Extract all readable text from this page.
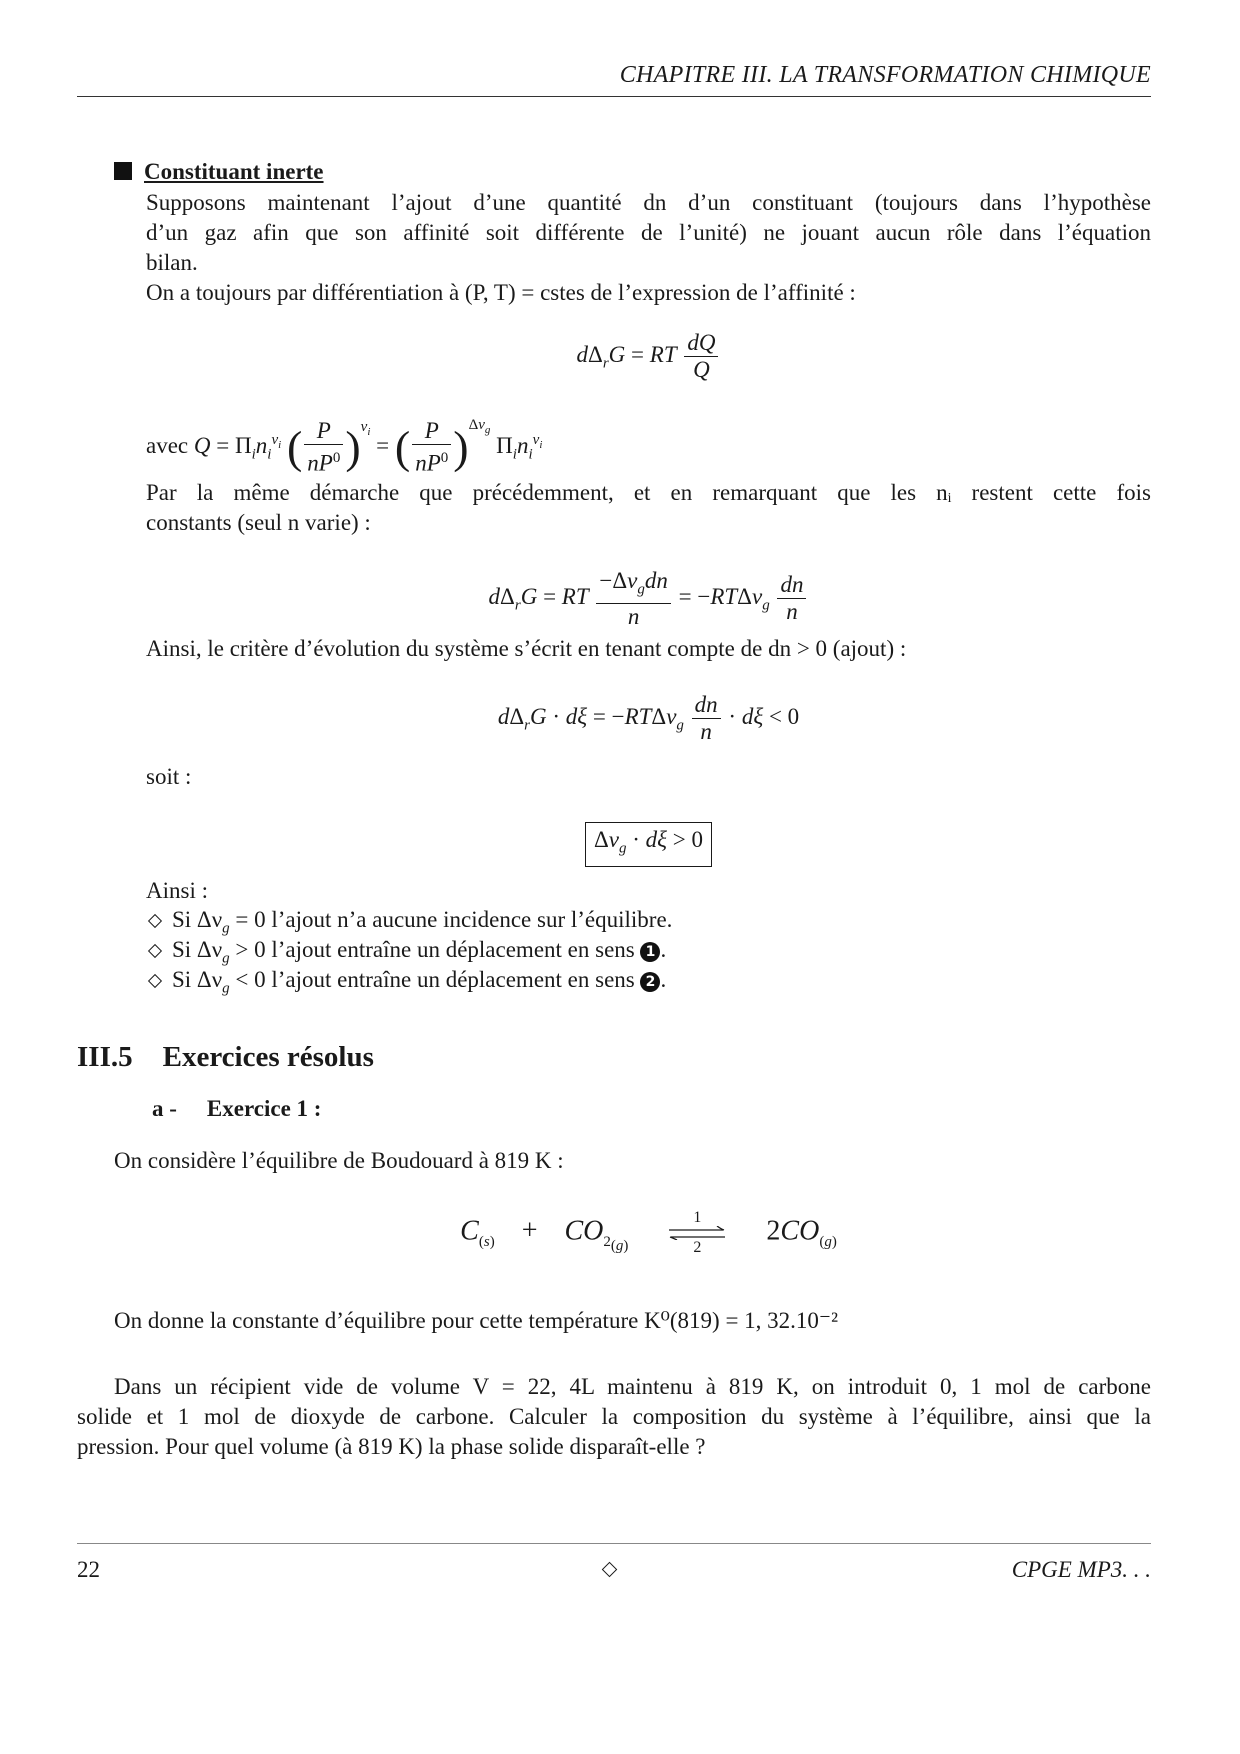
CHAPITRE III. LA TRANSFORMATION CHIMIQUE
Constituant inerte
Supposons maintenant l’ajout d’une quantité dn d’un constituant (toujours dans l’hypothèse
d’un gaz afin que son affinité soit différente de l’unité) ne jouant aucun rôle dans l’équation
bilan.
On a toujours par différentiation à (P, T) = cstes de l’expression de l’affinité :
$d\Delta_rG$ = RT $\frac{dQ}{Q}$
avec $Q = \Pi_in_i^{\nu_i}$ ( $\frac{P}{nP^0} )^{\nu_i}$ = ( $\frac{P}{nP^0} )^{\Delta\nu_g}$ $\Pi_in_i^{\nu_i}$
Par la même démarche que précédemment, et en remarquant que les nᵢ restent cette fois
constants (seul n varie) :
$d\Delta_rG$ = RT $\frac{-\Delta\nu_gdn}{n} = -RT\Delta\nu_g \frac{dn}{n}$
Ainsi, le critère d’évolution du système s’écrit en tenant compte de dn > 0 (ajout) :
$d\Delta_rG \cdot d\xi = -RT\Delta\nu_g \frac{dn}{n} \cdot d\xi < 0$
soit :
$\Delta\nu_g \cdot d\xi > 0$
Ainsi :
Si $\Delta\nu_g = 0$ l’ajout n’a aucune incidence sur l’équilibre.
Si $\Delta\nu_g > 0$ l’ajout entraîne un déplacement en sens 1 .
Si $\Delta\nu_g < 0$ l’ajout entraîne un déplacement en sens 2 .
III.5 Exercices résolus
a - Exercice 1 :
On considère l’équilibre de Boudouard à 819 K :
$C_{(s)} + CO_{2_{(g)}}$ 1
2 $2CO_{(g)}$
On donne la constante d’équilibre pour cette température K⁰(819) = 1, 32.10⁻²
Dans un récipient vide de volume V = 22, 4L maintenu à 819 K, on introduit 0, 1 mol de carbone
solide et 1 mol de dioxyde de carbone. Calculer la composition du système à l’équilibre, ainsi que la
pression. Pour quel volume (à 819 K) la phase solide disparaît-elle ?
22	CPGE MP3. . .
